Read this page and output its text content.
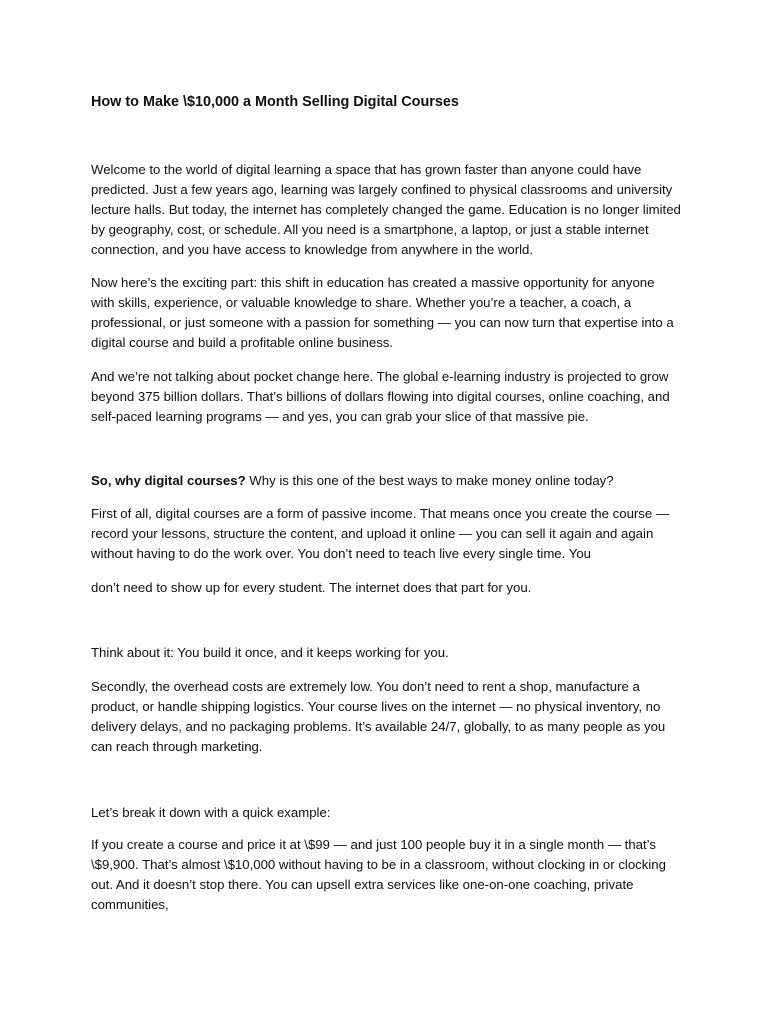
How to Make \$10,000 a Month Selling Digital Courses

Welcome to the world of digital learning a space that has grown faster than anyone could have predicted. Just a few years ago, learning was largely confined to physical classrooms and university lecture halls. But today, the internet has completely changed the game. Education is no longer limited by geography, cost, or schedule. All you need is a smartphone, a laptop, or just a stable internet connection, and you have access to knowledge from anywhere in the world.

Now here’s the exciting part: this shift in education has created a massive opportunity for anyone with skills, experience, or valuable knowledge to share. Whether you’re a teacher, a coach, a professional, or just someone with a passion for something — you can now turn that expertise into a digital course and build a profitable online business.

And we’re not talking about pocket change here. The global e-learning industry is projected to grow beyond 375 billion dollars. That’s billions of dollars flowing into digital courses, online coaching, and self-paced learning programs — and yes, you can grab your slice of that massive pie.

So, why digital courses? Why is this one of the best ways to make money online today?

First of all, digital courses are a form of passive income. That means once you create the course — record your lessons, structure the content, and upload it online — you can sell it again and again without having to do the work over. You don’t need to teach live every single time. You

don’t need to show up for every student. The internet does that part for you.

Think about it: You build it once, and it keeps working for you.

Secondly, the overhead costs are extremely low. You don’t need to rent a shop, manufacture a product, or handle shipping logistics. Your course lives on the internet — no physical inventory, no delivery delays, and no packaging problems. It’s available 24/7, globally, to as many people as you can reach through marketing.

Let’s break it down with a quick example:

If you create a course and price it at \$99 — and just 100 people buy it in a single month — that’s \$9,900. That’s almost \$10,000 without having to be in a classroom, without clocking in or clocking out. And it doesn’t stop there. You can upsell extra services like one-on-one coaching, private communities,
